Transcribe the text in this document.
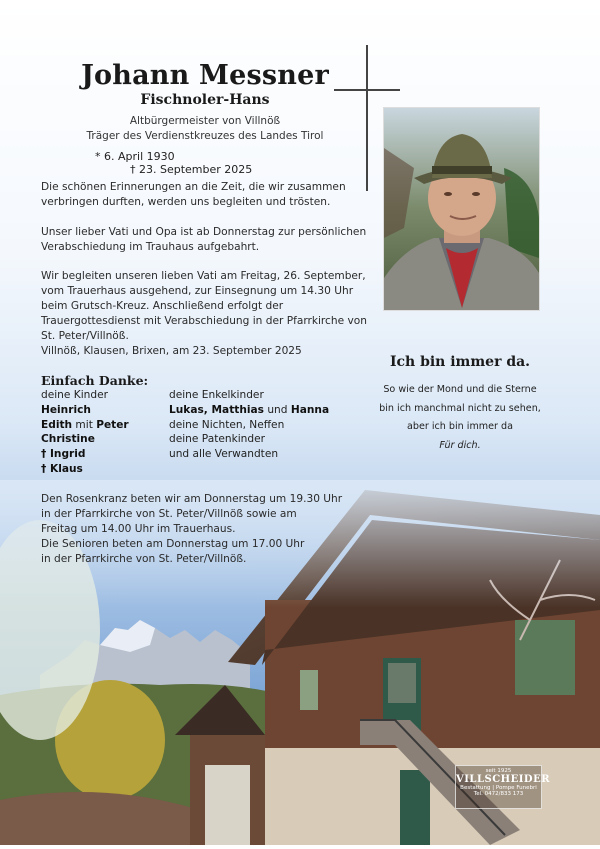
Johann Messner
Fischnoler-Hans
Altbürgermeister von Villnöß
Träger des Verdienstkreuzes des Landes Tirol
* 6. April 1930 † 23. September 2025
Die schönen Erinnerungen an die Zeit, die wir zusammen verbringen durften, werden uns begleiten und trösten.
Unser lieber Vati und Opa ist ab Donnerstag zur persönlichen Verabschiedung im Trauhaus aufgebahrt.
Wir begleiten unseren lieben Vati am Freitag, 26. September, vom Trauerhaus ausgehend, zur Einsegnung um 14.30 Uhr beim Grutsch-Kreuz. Anschließend erfolgt der Trauergottesdienst mit Verabschiedung in der Pfarrkirche von St. Peter/Villnöß.
Villnöß, Klausen, Brixen, am 23. September 2025
Einfach Danke:
deine Kinder
Heinrich
Edith mit Peter
Christine
† Ingrid
† Klaus
deine Enkelkinder
Lukas, Matthias und Hanna
deine Nichten, Neffen
deine Patenkinder
und alle Verwandten
Ich bin immer da.
So wie der Mond und die Sterne
bin ich manchmal nicht zu sehen,
aber ich bin immer da
Für dich.
seit 1925
VILLSCHEIDER
Bestattung | Pompe Funebri
Tel. 0472/833 173
Den Rosenkranz beten wir am Donnerstag um 19.30 Uhr
in der Pfarrkirche von St. Peter/Villnöß sowie am
Freitag um 14.00 Uhr im Trauerhaus.
Die Senioren beten am Donnerstag um 17.00 Uhr
in der Pfarrkirche von St. Peter/Villnöß.
